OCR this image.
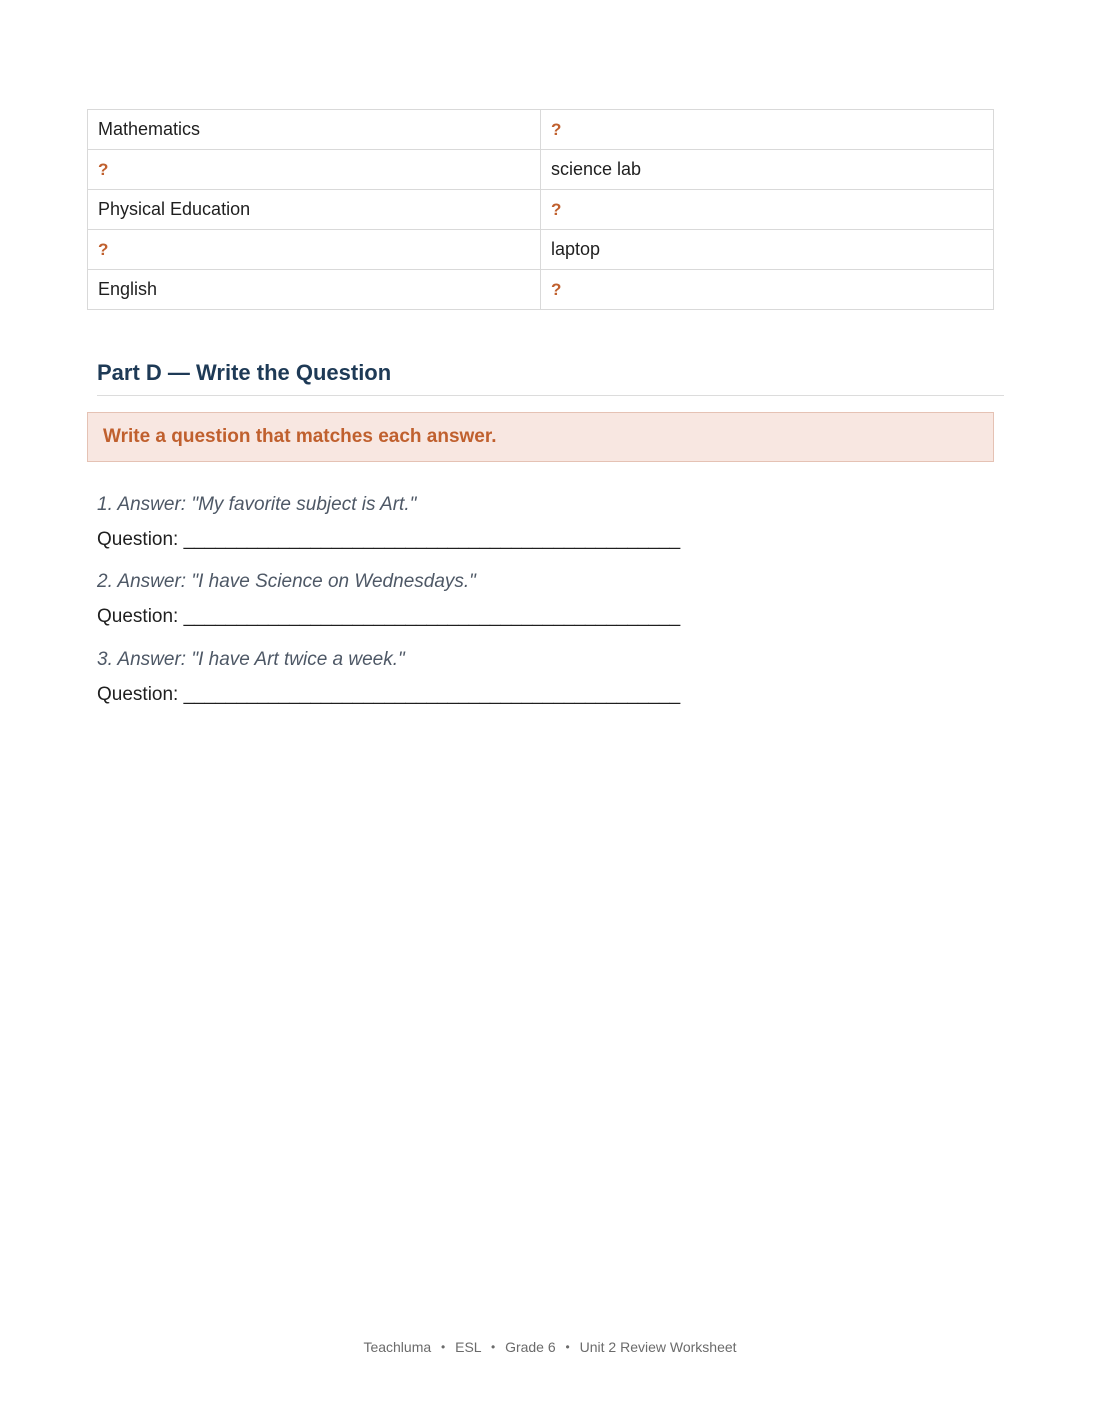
Mathematics	?
?	science lab
Physical Education	?
?	laptop
English	?
Part D — Write the Question
Write a question that matches each answer.
1. Answer: "My favorite subject is Art."
Question: _______________________________________________
2. Answer: "I have Science on Wednesdays."
Question: _______________________________________________
3. Answer: "I have Art twice a week."
Question: _______________________________________________
Teachluma • ESL • Grade 6 • Unit 2 Review Worksheet
